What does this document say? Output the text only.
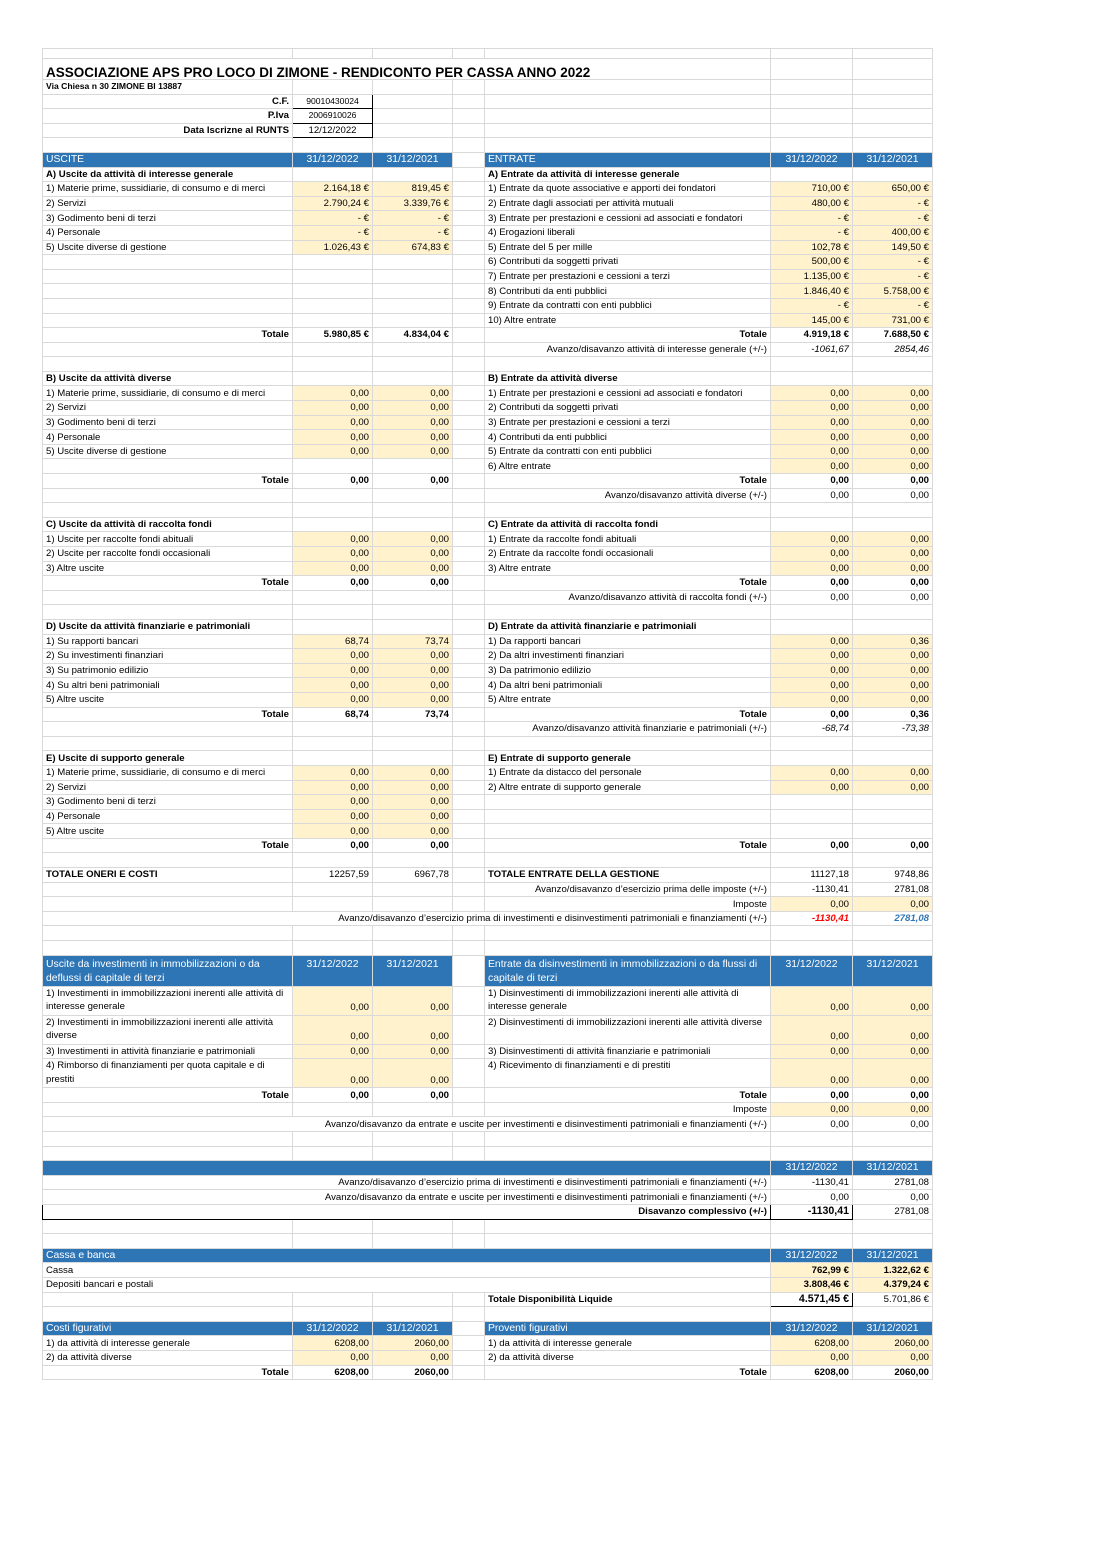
ASSOCIAZIONE APS PRO LOCO DI ZIMONE - RENDICONTO PER CASSA ANNO 2022						
Via Chiesa n 30 ZIMONE BI 13887						
C.F.	90010430024					
P.Iva	2006910026					
Data Iscrizne al RUNTS	12/12/2022					

USCITE	31/12/2022	31/12/2021		ENTRATE	31/12/2022	31/12/2021
A) Uscite da attività di interesse generale				A) Entrate da attività di interesse generale		
1) Materie prime, sussidiarie, di consumo e di merci	2.164,18 €	819,45 €		1) Entrate da quote associative e apporti dei fondatori	710,00 €	650,00 €
2) Servizi	2.790,24 €	3.339,76 €		2) Entrate dagli associati per attività mutuali	480,00 €	- €
3) Godimento beni di terzi	- €	- €		3) Entrate per prestazioni e cessioni ad associati e fondatori	- €	- €
4) Personale	- €	- €		4) Erogazioni liberali	- €	400,00 €
5) Uscite diverse di gestione	1.026,43 €	674,83 €		5) Entrate del 5 per mille	102,78 €	149,50 €
				6) Contributi da soggetti privati	500,00 €	- €
				7) Entrate per prestazioni e cessioni a terzi	1.135,00 €	- €
				8) Contributi da enti pubblici	1.846,40 €	5.758,00 €
				9) Entrate da contratti con enti pubblici	- €	- €
				10) Altre entrate	145,00 €	731,00 €
Totale	5.980,85 €	4.834,04 €		Totale	4.919,18 €	7.688,50 €
				Avanzo/disavanzo attività di interesse generale (+/-)	-1061,67	2854,46

B) Uscite da attività diverse				B) Entrate da attività diverse		
1) Materie prime, sussidiarie, di consumo e di merci	0,00	0,00		1) Entrate per prestazioni e cessioni ad associati e fondatori	0,00	0,00
2) Servizi	0,00	0,00		2) Contributi da soggetti privati	0,00	0,00
3) Godimento beni di terzi	0,00	0,00		3) Entrate per prestazioni e cessioni a terzi	0,00	0,00
4) Personale	0,00	0,00		4) Contributi da enti pubblici	0,00	0,00
5) Uscite diverse di gestione	0,00	0,00		5) Entrate da contratti con enti pubblici	0,00	0,00
				6) Altre entrate	0,00	0,00
Totale	0,00	0,00		Totale	0,00	0,00
				Avanzo/disavanzo attività diverse (+/-)	0,00	0,00

C) Uscite da attività di raccolta fondi				C) Entrate da attività di raccolta fondi		
1) Uscite per raccolte fondi abituali	0,00	0,00		1) Entrate da raccolte fondi abituali	0,00	0,00
2) Uscite per raccolte fondi occasionali	0,00	0,00		2) Entrate da raccolte fondi occasionali	0,00	0,00
3) Altre uscite	0,00	0,00		3) Altre entrate	0,00	0,00
Totale	0,00	0,00		Totale	0,00	0,00
				Avanzo/disavanzo attività di raccolta fondi (+/-)	0,00	0,00

D) Uscite da attività finanziarie e patrimoniali				D) Entrate da attività finanziarie e patrimoniali		
1) Su rapporti bancari	68,74	73,74		1) Da rapporti bancari	0,00	0,36
2) Su investimenti finanziari	0,00	0,00		2) Da altri investimenti finanziari	0,00	0,00
3) Su patrimonio edilizio	0,00	0,00		3) Da patrimonio edilizio	0,00	0,00
4) Su altri beni patrimoniali	0,00	0,00		4) Da altri beni patrimoniali	0,00	0,00
5) Altre uscite	0,00	0,00		5) Altre entrate	0,00	0,00
Totale	68,74	73,74		Totale	0,00	0,36
				Avanzo/disavanzo attività finanziarie e patrimoniali (+/-)	-68,74	-73,38

E) Uscite di supporto generale				E) Entrate di supporto generale		
1) Materie prime, sussidiarie, di consumo e di merci	0,00	0,00		1) Entrate da distacco del personale	0,00	0,00
2) Servizi	0,00	0,00		2) Altre entrate di supporto generale	0,00	0,00
3) Godimento beni di terzi	0,00	0,00				
4) Personale	0,00	0,00				
5) Altre uscite	0,00	0,00				
Totale	0,00	0,00		Totale	0,00	0,00

TOTALE ONERI E COSTI	12257,59	6967,78		TOTALE ENTRATE DELLA GESTIONE	11127,18	9748,86
				Avanzo/disavanzo d’esercizio prima delle imposte (+/-)	-1130,41	2781,08
				Imposte	0,00	0,00
Avanzo/disavanzo d’esercizio prima di investimenti e disinvestimenti patrimoniali e finanziamenti (+/-)					-1130,41	2781,08

Uscite da investimenti in immobilizzazioni o da deflussi di capitale di terzi	31/12/2022	31/12/2021		Entrate da disinvestimenti in immobilizzazioni o da flussi di capitale di terzi	31/12/2022	31/12/2021
1) Investimenti in immobilizzazioni inerenti alle attività di interesse generale	0,00	0,00		1) Disinvestimenti di immobilizzazioni inerenti alle attività di interesse generale	0,00	0,00
2) Investimenti in immobilizzazioni inerenti alle attività diverse	0,00	0,00		2) Disinvestimenti di immobilizzazioni inerenti alle attività diverse	0,00	0,00
3) Investimenti in attività finanziarie e patrimoniali	0,00	0,00		3) Disinvestimenti di attività finanziarie e patrimoniali	0,00	0,00
4) Rimborso di finanziamenti per quota capitale e di prestiti	0,00	0,00		4) Ricevimento di finanziamenti e di prestiti	0,00	0,00
Totale	0,00	0,00		Totale	0,00	0,00
				Imposte	0,00	0,00
Avanzo/disavanzo da entrate e uscite per investimenti e disinvestimenti patrimoniali e finanziamenti (+/-)					0,00	0,00

					31/12/2022	31/12/2021
Avanzo/disavanzo d’esercizio prima di investimenti e disinvestimenti patrimoniali e finanziamenti (+/-)					-1130,41	2781,08
Avanzo/disavanzo da entrate e uscite per investimenti e disinvestimenti patrimoniali e finanziamenti (+/-)					0,00	0,00
Disavanzo complessivo (+/-)					-1130,41	2781,08

Cassa e banca					31/12/2022	31/12/2021
Cassa					762,99 €	1.322,62 €
Depositi bancari e postali					3.808,46 €	4.379,24 €
				Totale Disponibilità Liquide	4.571,45 €	5.701,86 €

Costi figurativi	31/12/2022	31/12/2021		Proventi figurativi	31/12/2022	31/12/2021
1) da attività di interesse generale	6208,00	2060,00		1) da attività di interesse generale	6208,00	2060,00
2) da attività diverse	0,00	0,00		2) da attività diverse	0,00	0,00
Totale	6208,00	2060,00		Totale	6208,00	2060,00
